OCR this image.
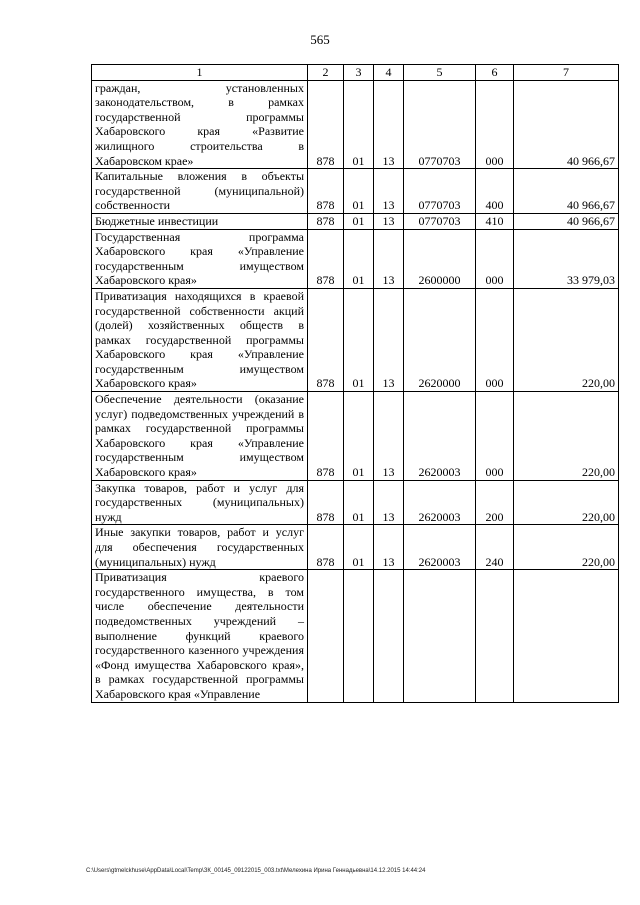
565
1	2	3	4	5	6	7
граждан, установленных законодательством, в рамках государственной программы Хабаровского края «Развитие жилищного строительства в Хабаровском крае»	878	01	13	0770703	000	40 966,67
Капитальные вложения в объекты государственной (муниципальной) собственности	878	01	13	0770703	400	40 966,67
Бюджетные инвестиции	878	01	13	0770703	410	40 966,67
Государственная программа Хабаровского края «Управление государственным имуществом Хабаровского края»	878	01	13	2600000	000	33 979,03
Приватизация находящихся в краевой государственной собственности акций (долей) хозяйственных обществ в рамках государственной программы Хабаровского края «Управление государственным имуществом Хабаровского края»	878	01	13	2620000	000	220,00
Обеспечение деятельности (оказание услуг) подведомственных учреждений в рамках государственной программы Хабаровского края «Управление государственным имуществом Хабаровского края»	878	01	13	2620003	000	220,00
Закупка товаров, работ и услуг для государственных (муниципальных) нужд	878	01	13	2620003	200	220,00
Иные закупки товаров, работ и услуг для обеспечения государственных (муниципальных) нужд	878	01	13	2620003	240	220,00
Приватизация краевого государственного имущества, в том числе обеспечение деятельности подведомственных учреждений – выполнение функций краевого государственного казенного учреждения «Фонд имущества Хабаровского края», в рамках государственной программы Хабаровского края «Управление						
C:\Users\gtmelckhuse\AppData\Local\Temp\ЗК_00145_09122015_003.txt\Мелехина Ирина Геннадьевна\14.12.2015 14:44:24
